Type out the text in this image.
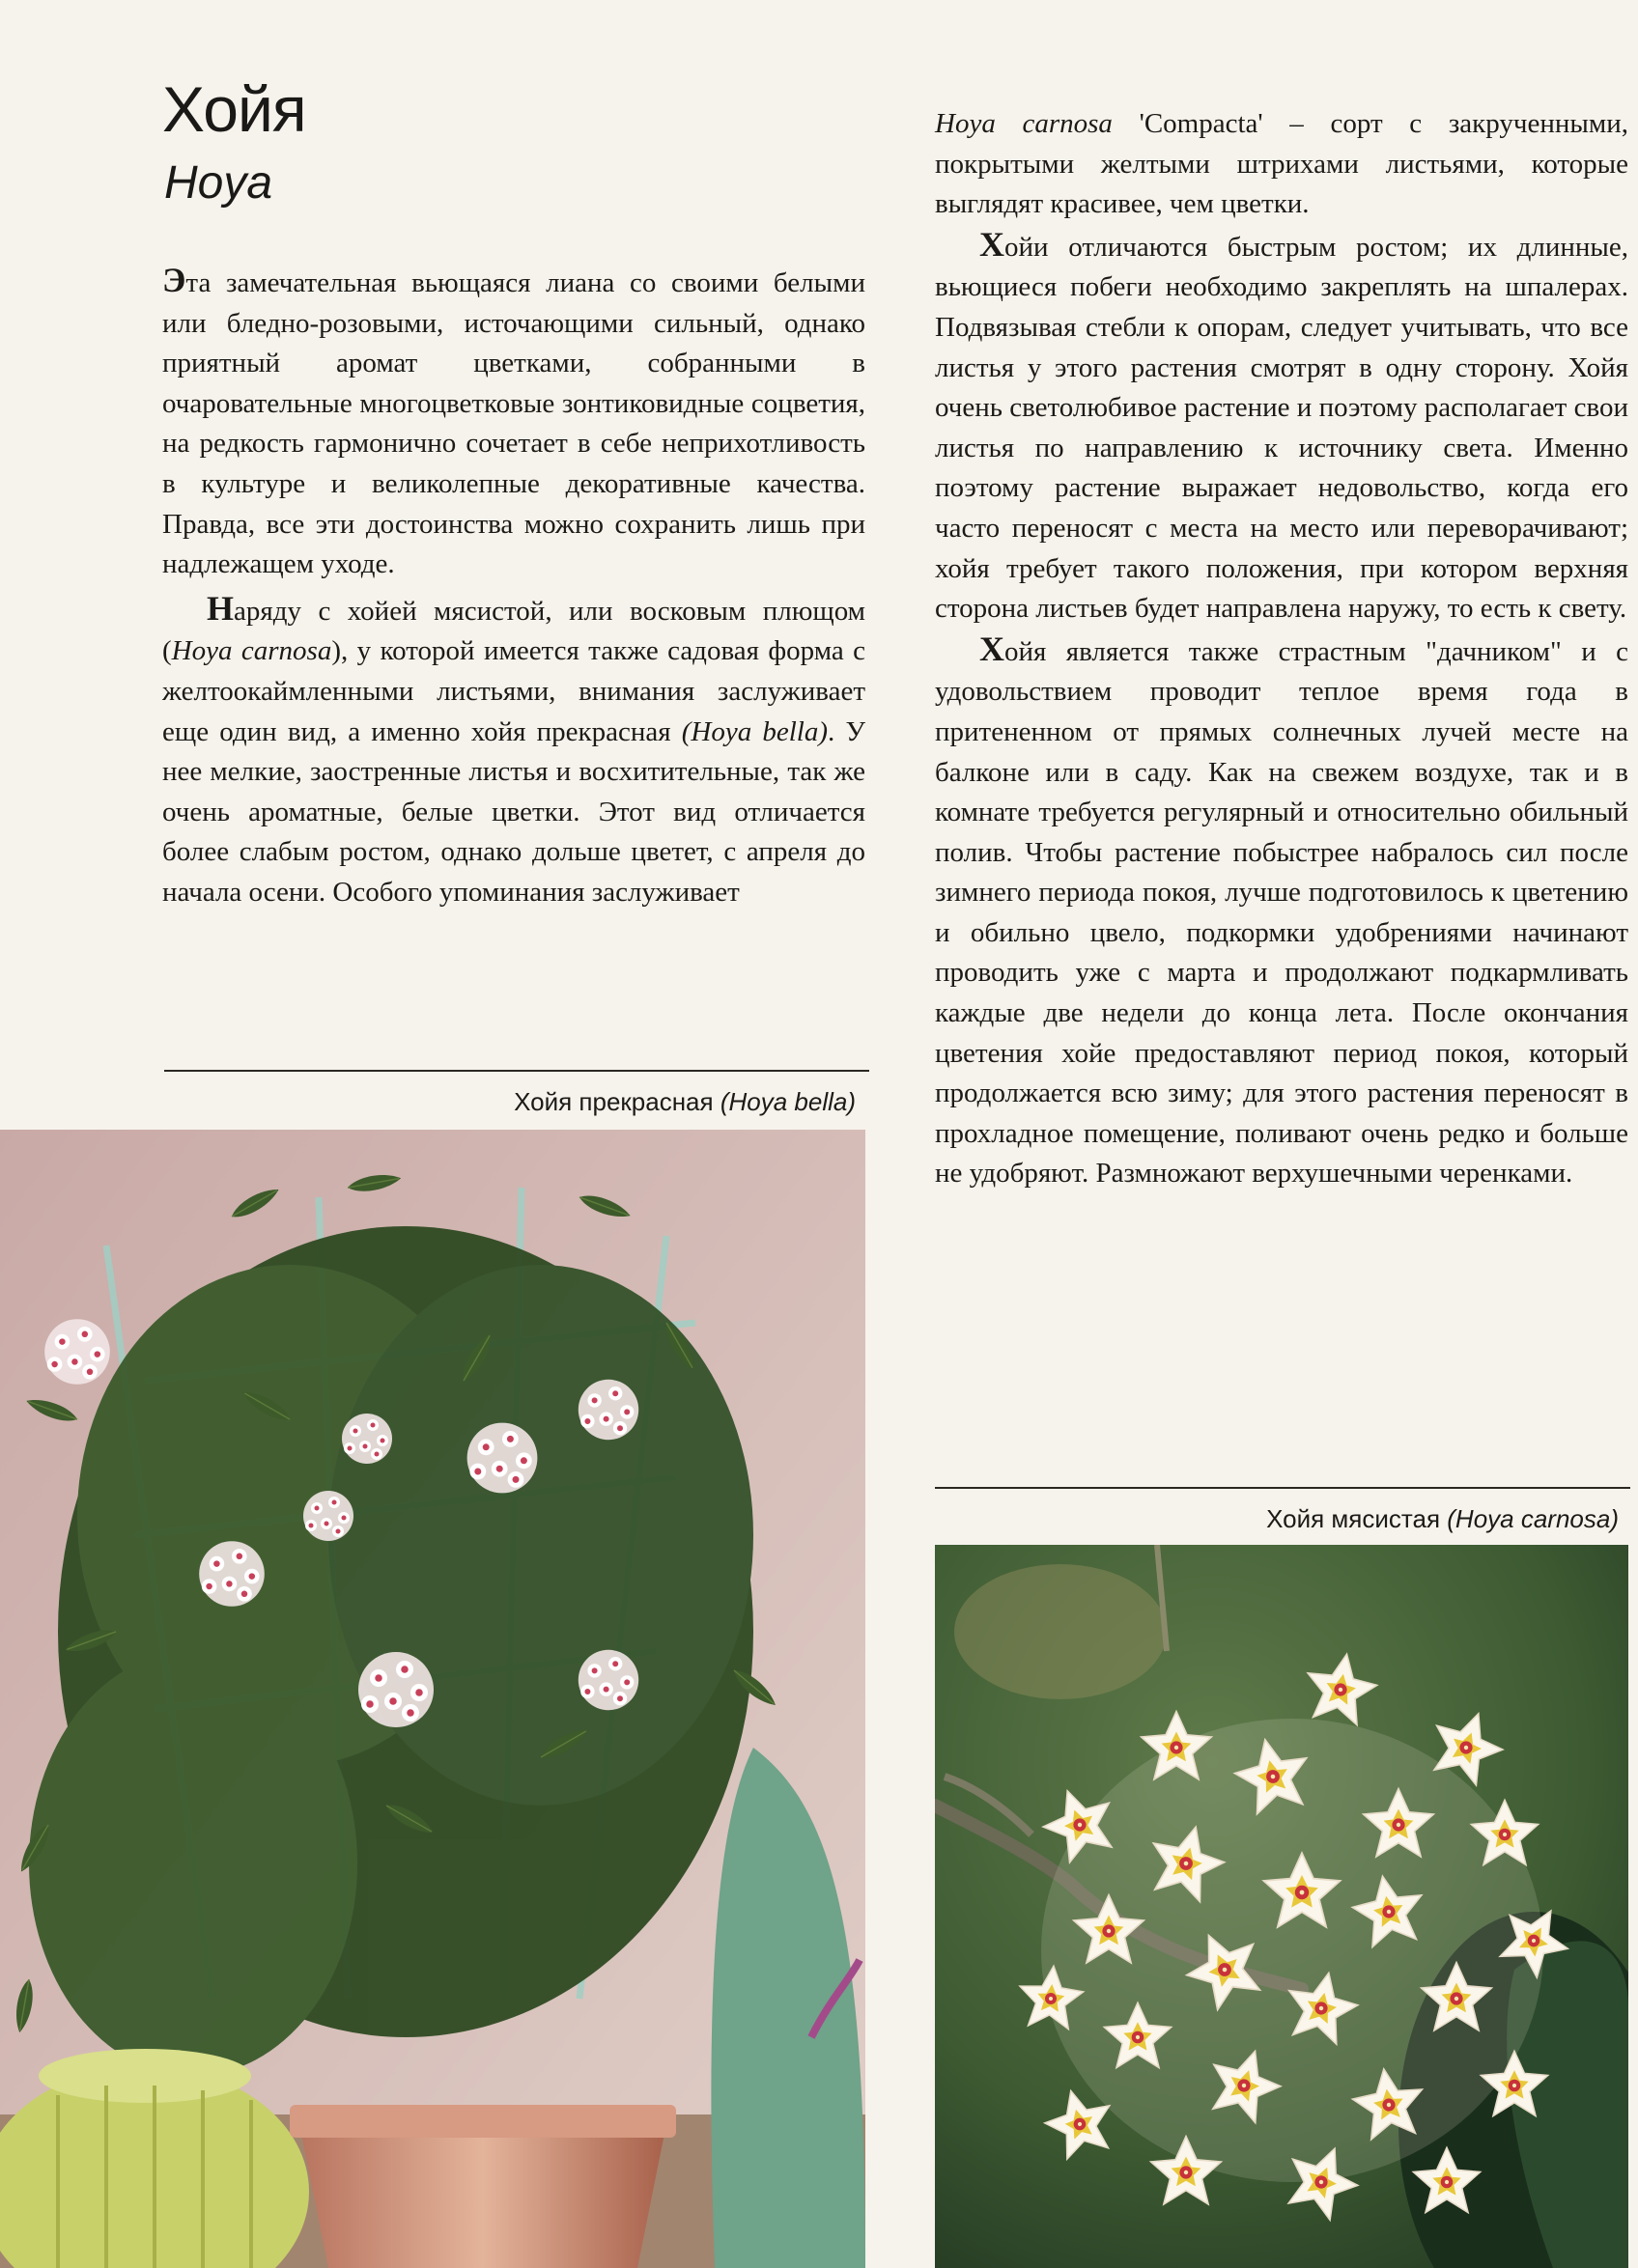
Хойя
Hoya

Эта замечательная вьющаяся лиана со своими белыми или бледно-розовыми, источающими сильный, однако приятный аромат цветками, собранными в очаровательные многоцветковые зонтиковидные соцветия, на редкость гармонично сочетает в себе неприхотливость в культуре и великолепные декоративные качества. Правда, все эти достоинства можно сохранить лишь при надлежащем уходе.

Наряду с хойей мясистой, или восковым плющом (Hoya carnosa), у которой имеется также садовая форма с желтоокаймленными листьями, внимания заслуживает еще один вид, а именно хойя прекрасная (Hoya bella). У нее мелкие, заостренные листья и восхитительные, так же очень ароматные, белые цветки. Этот вид отличается более слабым ростом, однако дольше цветет, с апреля до начала осени. Особого упоминания заслуживает

Hoya carnosa 'Compacta' – сорт с закрученными, покрытыми желтыми штрихами листьями, которые выглядят красивее, чем цветки.

Хойи отличаются быстрым ростом; их длинные, вьющиеся побеги необходимо закреплять на шпалерах. Подвязывая стебли к опорам, следует учитывать, что все листья у этого растения смотрят в одну сторону. Хойя очень светолюбивое растение и поэтому располагает свои листья по направлению к источнику света. Именно поэтому растение выражает недовольство, когда его часто переносят с места на место или переворачивают; хойя требует такого положения, при котором верхняя сторона листьев будет направлена наружу, то есть к свету.

Хойя является также страстным "дачником" и с удовольствием проводит теплое время года в притененном от прямых солнечных лучей месте на балконе или в саду. Как на свежем воздухе, так и в комнате требуется регулярный и относительно обильный полив. Чтобы растение побыстрее набралось сил после зимнего периода покоя, лучше подготовилось к цветению и обильно цвело, подкормки удобрениями начинают проводить уже с марта и продолжают подкармливать каждые две недели до конца лета. После окончания цветения хойе предоставляют период покоя, который продолжается всю зиму; для этого растения переносят в прохладное помещение, поливают очень редко и больше не удобряют. Размножают верхушечными черенками.

Хойя прекрасная (Hoya bella)
Хойя мясистая (Hoya carnosa)
